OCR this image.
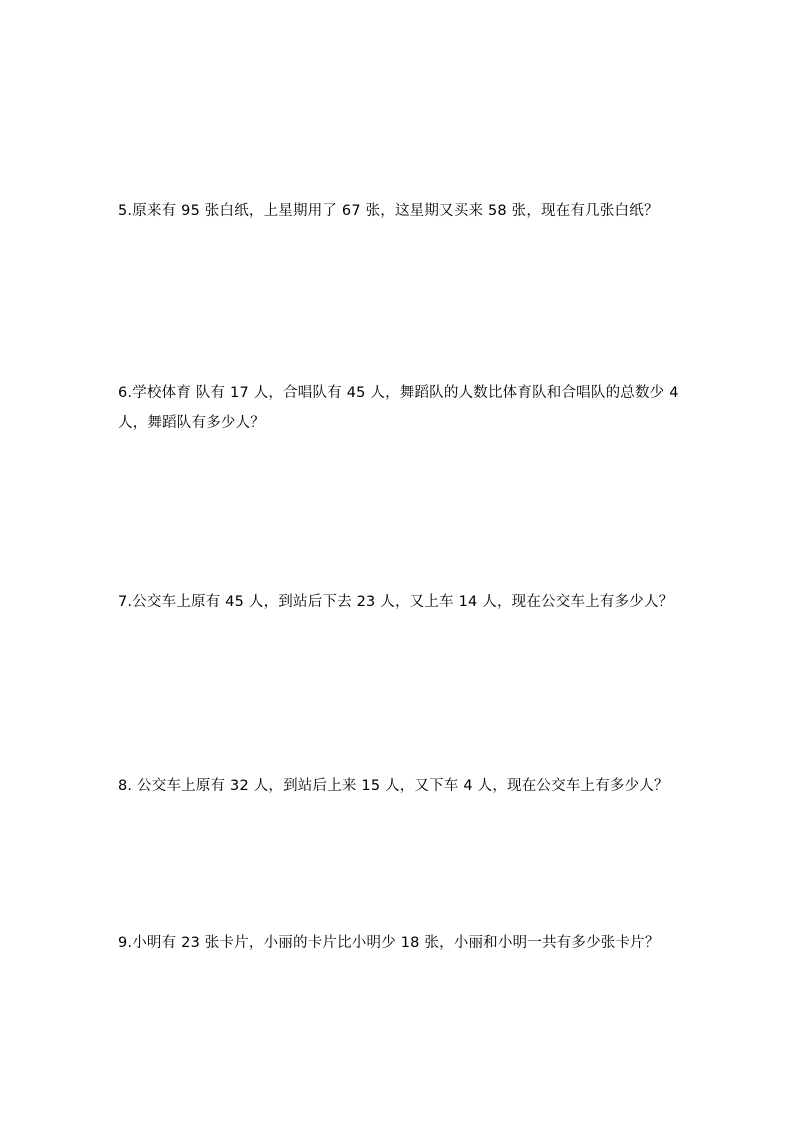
5.原来有 95 张白纸，上星期用了 67 张，这星期又买来 58 张，现在有几张白纸？
6.学校体育 队有 17 人，合唱队有 45 人，舞蹈队的人数比体育队和合唱队的总数少 4 人，舞蹈队有多少人？
7.公交车上原有 45 人，到站后下去 23 人，又上车 14 人，现在公交车上有多少人？
8. 公交车上原有 32 人，到站后上来 15 人，又下车 4 人，现在公交车上有多少人？
9.小明有 23 张卡片，小丽的卡片比小明少 18 张，小丽和小明一共有多少张卡片？
